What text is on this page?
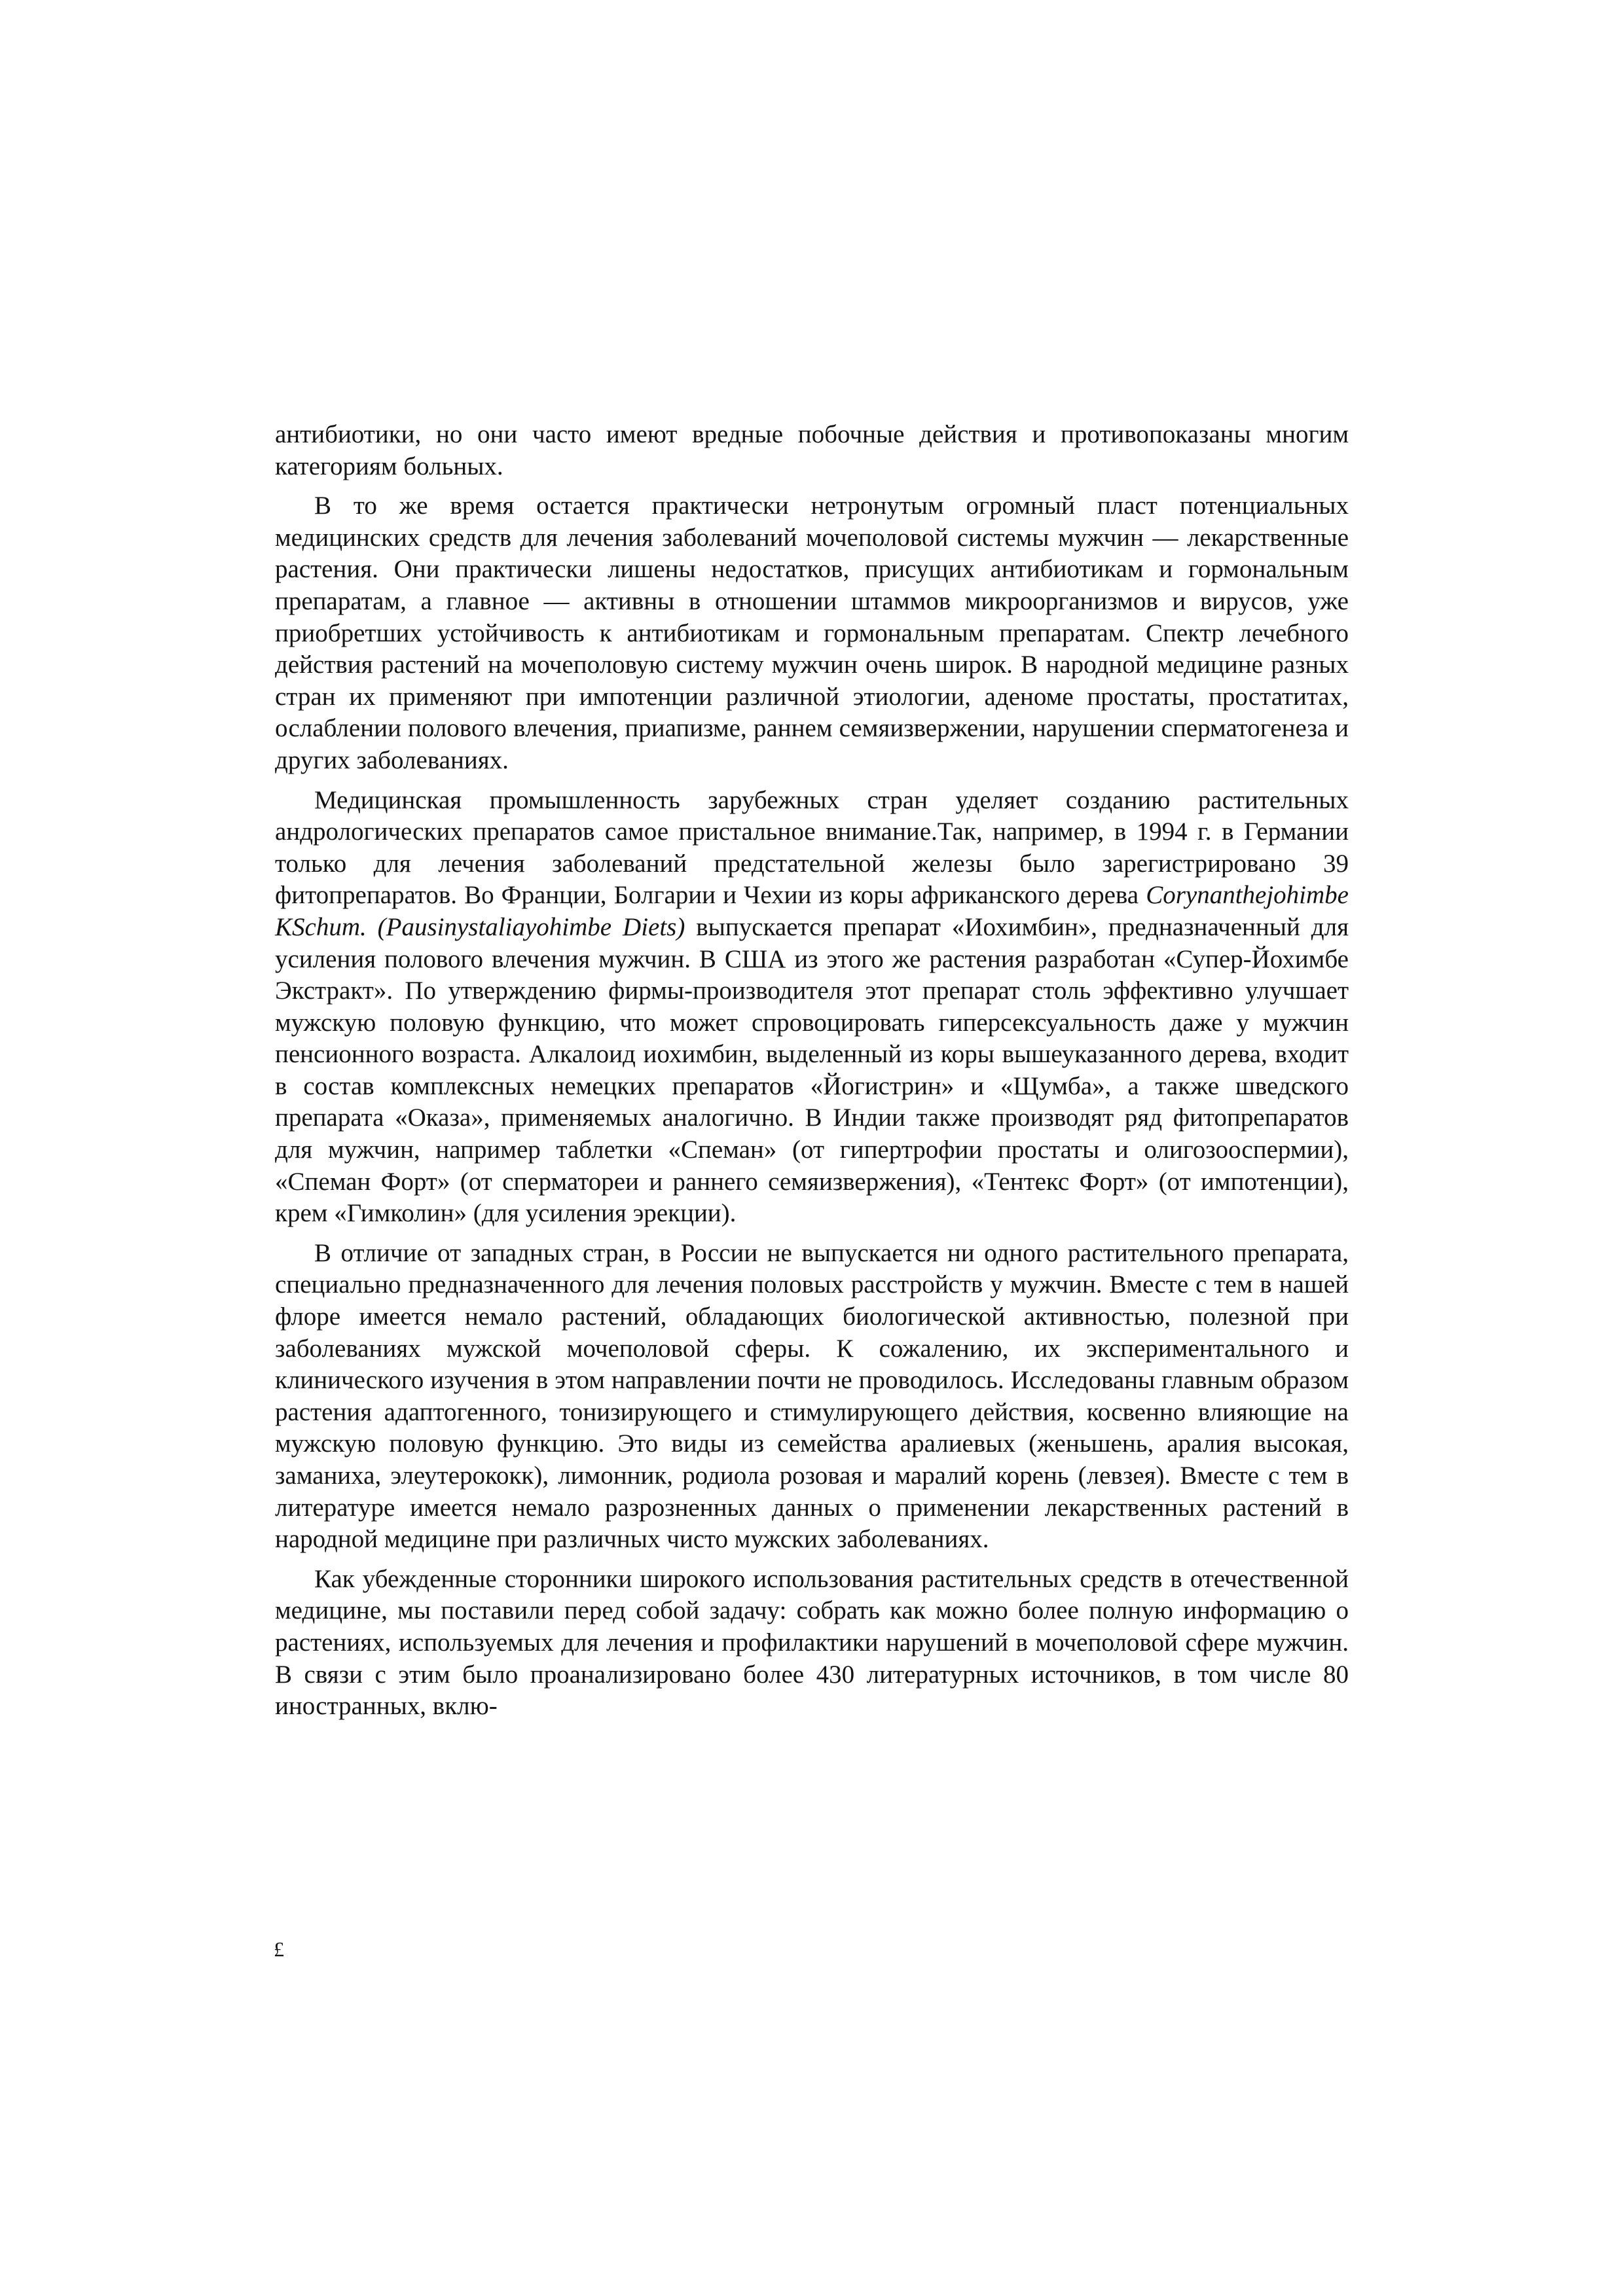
антибиотики, но они часто имеют вредные побочные действия и противопоказаны многим категориям больных.

В то же время остается практически нетронутым огромный пласт потенциальных медицинских средств для лечения заболеваний мочеполовой системы мужчин — лекарственные растения. Они практически лишены недостатков, присущих антибиотикам и гормональным препаратам, а главное — активны в отношении штаммов микроорганизмов и вирусов, уже приобретших устойчивость к антибиотикам и гормональным препаратам. Спектр лечебного действия растений на мочеполовую систему мужчин очень широк. В народной медицине разных стран их применяют при импотенции различной этиологии, аденоме простаты, простатитах, ослаблении полового влечения, приапизме, раннем семяизвержении, нарушении сперматогенеза и других заболеваниях.

Медицинская промышленность зарубежных стран уделяет созданию растительных андрологических препаратов самое пристальное внимание.Так, например, в 1994 г. в Германии только для лечения заболеваний предстательной железы было зарегистрировано 39 фитопрепаратов. Во Франции, Болгарии и Чехии из коры африканского дерева Corynanthejohimbe KSchum. (Pausinystaliayohimbe Diets) выпускается препарат «Иохимбин», предназначенный для усиления полового влечения мужчин. В США из этого же растения разработан «Супер-Йохимбе Экстракт». По утверждению фирмы-производителя этот препарат столь эффективно улучшает мужскую половую функцию, что может спровоцировать гиперсексуальность даже у мужчин пенсионного возраста. Алкалоид иохимбин, выделенный из коры вышеуказанного дерева, входит в состав комплексных немецких препаратов «Йогистрин» и «Щумба», а также шведского препарата «Оказа», применяемых аналогично. В Индии также производят ряд фитопрепаратов для мужчин, например таблетки «Спеман» (от гипертрофии простаты и олигозооспермии), «Спеман Форт» (от сперматореи и раннего семяизвержения), «Тентекс Форт» (от импотенции), крем «Гимколин» (для усиления эрекции).

В отличие от западных стран, в России не выпускается ни одного растительного препарата, специально предназначенного для лечения половых расстройств у мужчин. Вместе с тем в нашей флоре имеется немало растений, обладающих биологической активностью, полезной при заболеваниях мужской мочеполовой сферы. К сожалению, их экспериментального и клинического изучения в этом направлении почти не проводилось. Исследованы главным образом растения адаптогенного, тонизирующего и стимулирующего действия, косвенно влияющие на мужскую половую функцию. Это виды из семейства аралиевых (женьшень, аралия высокая, заманиха, элеутерококк), лимонник, родиола розовая и маралий корень (левзея). Вместе с тем в литературе имеется немало разрозненных данных о применении лекарственных растений в народной медицине при различных чисто мужских заболеваниях.

Как убежденные сторонники широкого использования растительных средств в отечественной медицине, мы поставили перед собой задачу: собрать как можно более полную информацию о растениях, используемых для лечения и профилактики нарушений в мочеполовой сфере мужчин. В связи с этим было проанализировано более 430 литературных источников, в том числе 80 иностранных, вклю-

£
